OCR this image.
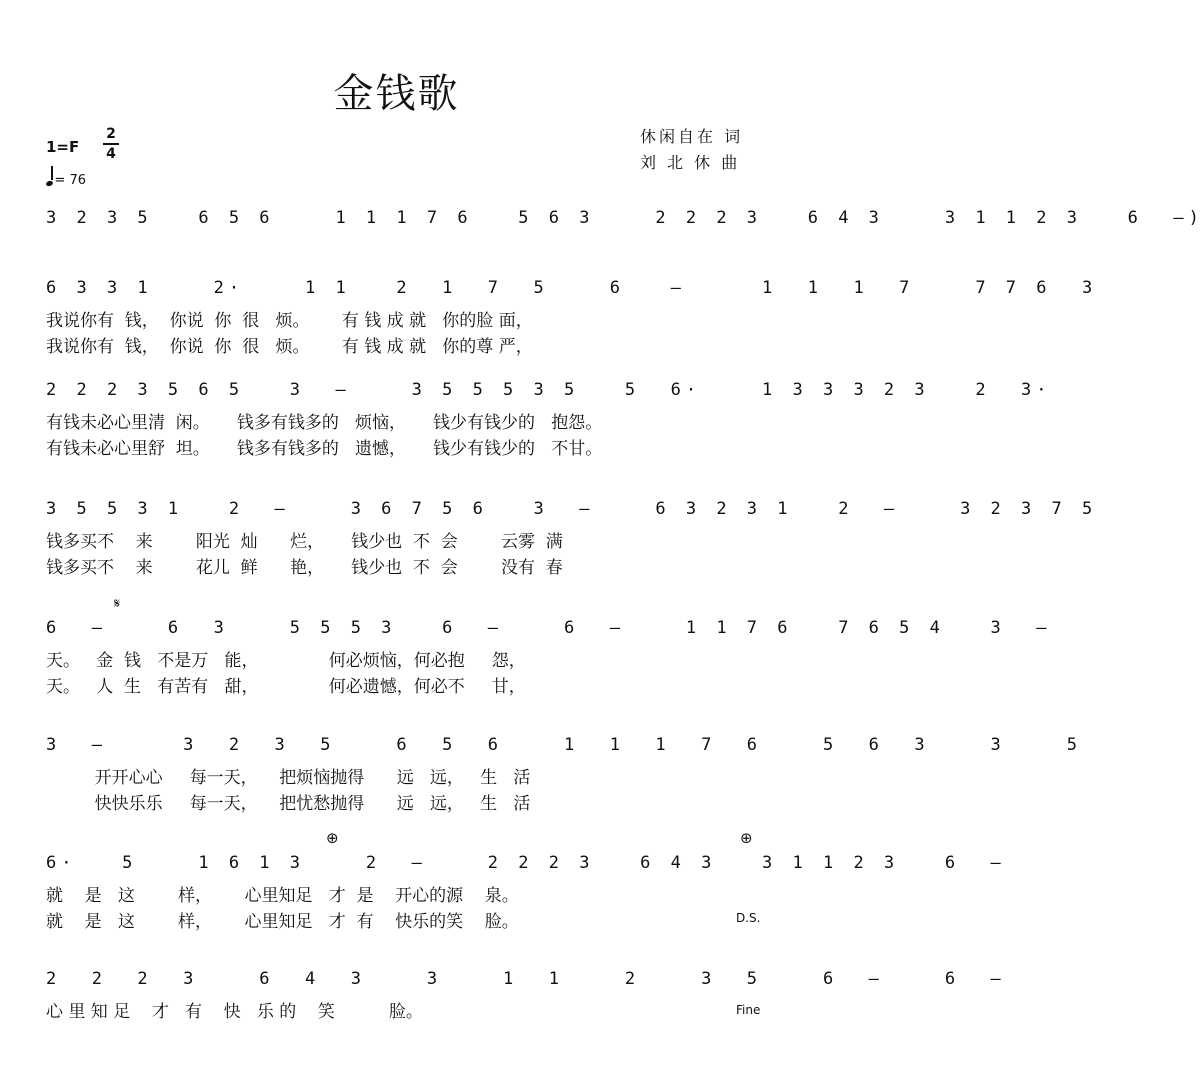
金钱歌
1=F
2
4
= 76
休闲自在 词
刘 北 休 曲
3 2 3 5   6 5 6    1 1 1 7 6   5 6 3    2 2 2 3   6 4 3    3 1 1 2 3   6  –)
6 3 3 1    2·    1 1   2  1  7  5    6   –     1  1  1  7    7 7 6  3
我说你有  钱，  你说  你  很   烦。      有 钱 成 就   你的脸 面，
我说你有  钱，  你说  你  很   烦。      有 钱 成 就   你的尊 严，
2 2 2 3 5 6 5   3  –    3 5 5 5 3 5   5  6·    1 3 3 3 2 3   2  3·
有钱未必心里清  闲。     钱多有钱多的   烦恼，     钱少有钱少的   抱怨。
有钱未必心里舒  坦。     钱多有钱多的   遗憾，     钱少有钱少的   不甘。
3 5 5 3 1   2  –    3 6 7 5 6   3  –    6 3 2 3 1   2  –    3 2 3 7 5
钱多买不    来        阳光  灿      烂，     钱少也  不  会        云雾  满
钱多买不    来        花儿  鲜      艳，     钱少也  不  会        没有  春
𝄋
6  –    6  3    5 5 5 3   6  –    6  –    1 1 7 6   7 6 5 4   3  –
天。   金  钱   不是万   能，             何必烦恼，何必抱     怨，
天。   人  生   有苦有   甜，             何必遗憾，何必不     甘，
3  –     3  2  3  5    6  5  6    1  1  1  7  6    5  6  3    3    5
开开心心     每一天，    把烦恼抛得      远   远，   生   活
快快乐乐     每一天，    把忧愁抛得      远   远，   生   活
⊕	⊕
6·   5    1 6 1 3    2  –    2 2 2 3   6 4 3   3 1 1 2 3   6  –
就    是   这        样，      心里知足   才  是    开心的源    泉。
就    是   这        样，      心里知足   才  有    快乐的笑    脸。	D.S.
2  2  2  3    6  4  3    3    1  1    2    3  5    6  –    6  –
心 里 知 足    才   有    快   乐 的    笑          脸。	Fine
